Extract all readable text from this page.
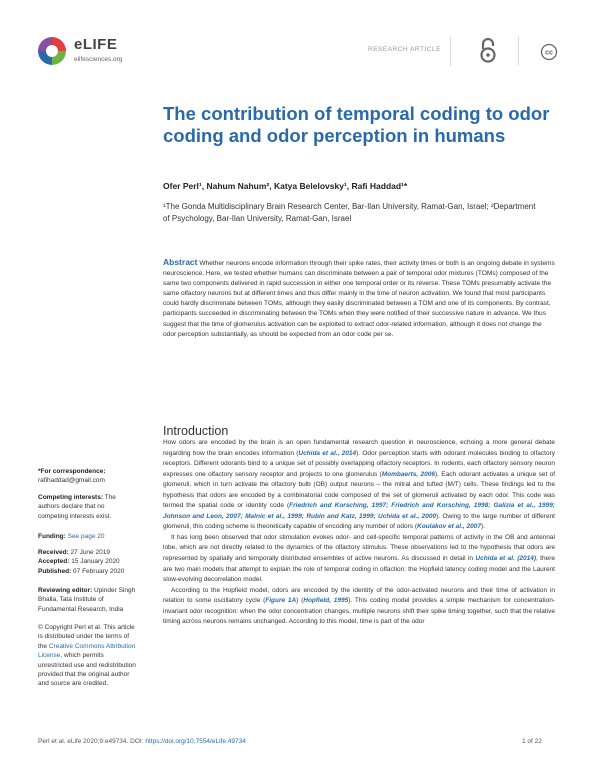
eLIFE
elifesciences.org
RESEARCH ARTICLE
cc
The contribution of temporal coding to odor coding and odor perception in humans
Ofer Perl¹, Nahum Nahum², Katya Belelovsky¹, Rafi Haddad¹*
¹The Gonda Multidisciplinary Brain Research Center, Bar-Ilan University, Ramat-Gan, Israel; ²Department of Psychology, Bar-Ilan University, Ramat-Gan, Israel
Abstract Whether neurons encode information through their spike rates, their activity times or both is an ongoing debate in systems neuroscience. Here, we tested whether humans can discriminate between a pair of temporal odor mixtures (TOMs) composed of the same two components delivered in rapid succession in either one temporal order or its reverse. These TOMs presumably activate the same olfactory neurons but at different times and thus differ mainly in the time of neuron activation. We found that most participants could hardly discriminate between TOMs, although they easily discriminated between a TOM and one of its components. By contrast, participants succeeded in discriminating between the TOMs when they were notified of their successive nature in advance. We thus suggest that the time of glomerulus activation can be exploited to extract odor-related information, although it does not change the odor perception substantially, as should be expected from an odor code per se.
Introduction

How odors are encoded by the brain is an open fundamental research question in neuroscience, echoing a more general debate regarding how the brain encodes information (Uchida et al., 2014). Odor perception starts with odorant molecules binding to olfactory receptors. Different odorants bind to a unique set of possibly overlapping olfactory receptors. In rodents, each olfactory sensory neuron expresses one olfactory sensory receptor and projects to one glomerulus (Mombaerts, 2006). Each odorant activates a unique set of glomeruli, which in turn activate the olfactory bulb (OB) output neurons – the mitral and tufted (M/T) cells. These findings led to the hypothesis that odors are encoded by a combinatorial code composed of the set of glomeruli activated by each odor. This code was termed the spatial code or identity code (Friedrich and Korsching, 1997; Friedrich and Korsching, 1998; Galizia et al., 1999; Johnson and Leon, 2007; Malnic et al., 1999; Rubin and Katz, 1999; Uchida et al., 2000). Owing to the large number of different glomeruli, this coding scheme is theoretically capable of encoding any number of odors (Koulakov et al., 2007).

It has long been observed that odor stimulation evokes odor- and cell-specific temporal patterns of activity in the OB and antennal lobe, which are not directly related to the dynamics of the olfactory stimulus. These observations led to the hypothesis that odors are represented by spatially and temporally distributed ensembles of active neurons. As discussed in detail in Uchida et al. (2014), there are two main models that attempt to explain the role of temporal coding in olfaction: the Hopfield latency coding model and the Laurent slow-evolving decorrelation model.

According to the Hopfield model, odors are encoded by the identity of the odor-activated neurons and their time of activation in relation to some oscillatory cycle (Figure 1A) (Hopfield, 1995). This coding model provides a simple mechanism for concentration-invariant odor recognition: when the odor concentration changes, multiple neurons shift their spike timing together, such that the relative timing across neurons remains unchanged. According to this model, time is part of the odor

*For correspondence:
rafihaddad@gmail.com
Competing interests: The authors declare that no competing interests exist.
Funding: See page 20
Received: 27 June 2019
Accepted: 15 January 2020
Published: 07 February 2020
Reviewing editor: Upinder Singh Bhalla, Tata Institute of Fundamental Research, India
© Copyright Perl et al. This article is distributed under the terms of the Creative Commons Attribution License, which permits unrestricted use and redistribution provided that the original author and source are credited.
Perl et al. eLife 2020;9:e49734. DOI: https://doi.org/10.7554/eLife.49734	1 of 22
